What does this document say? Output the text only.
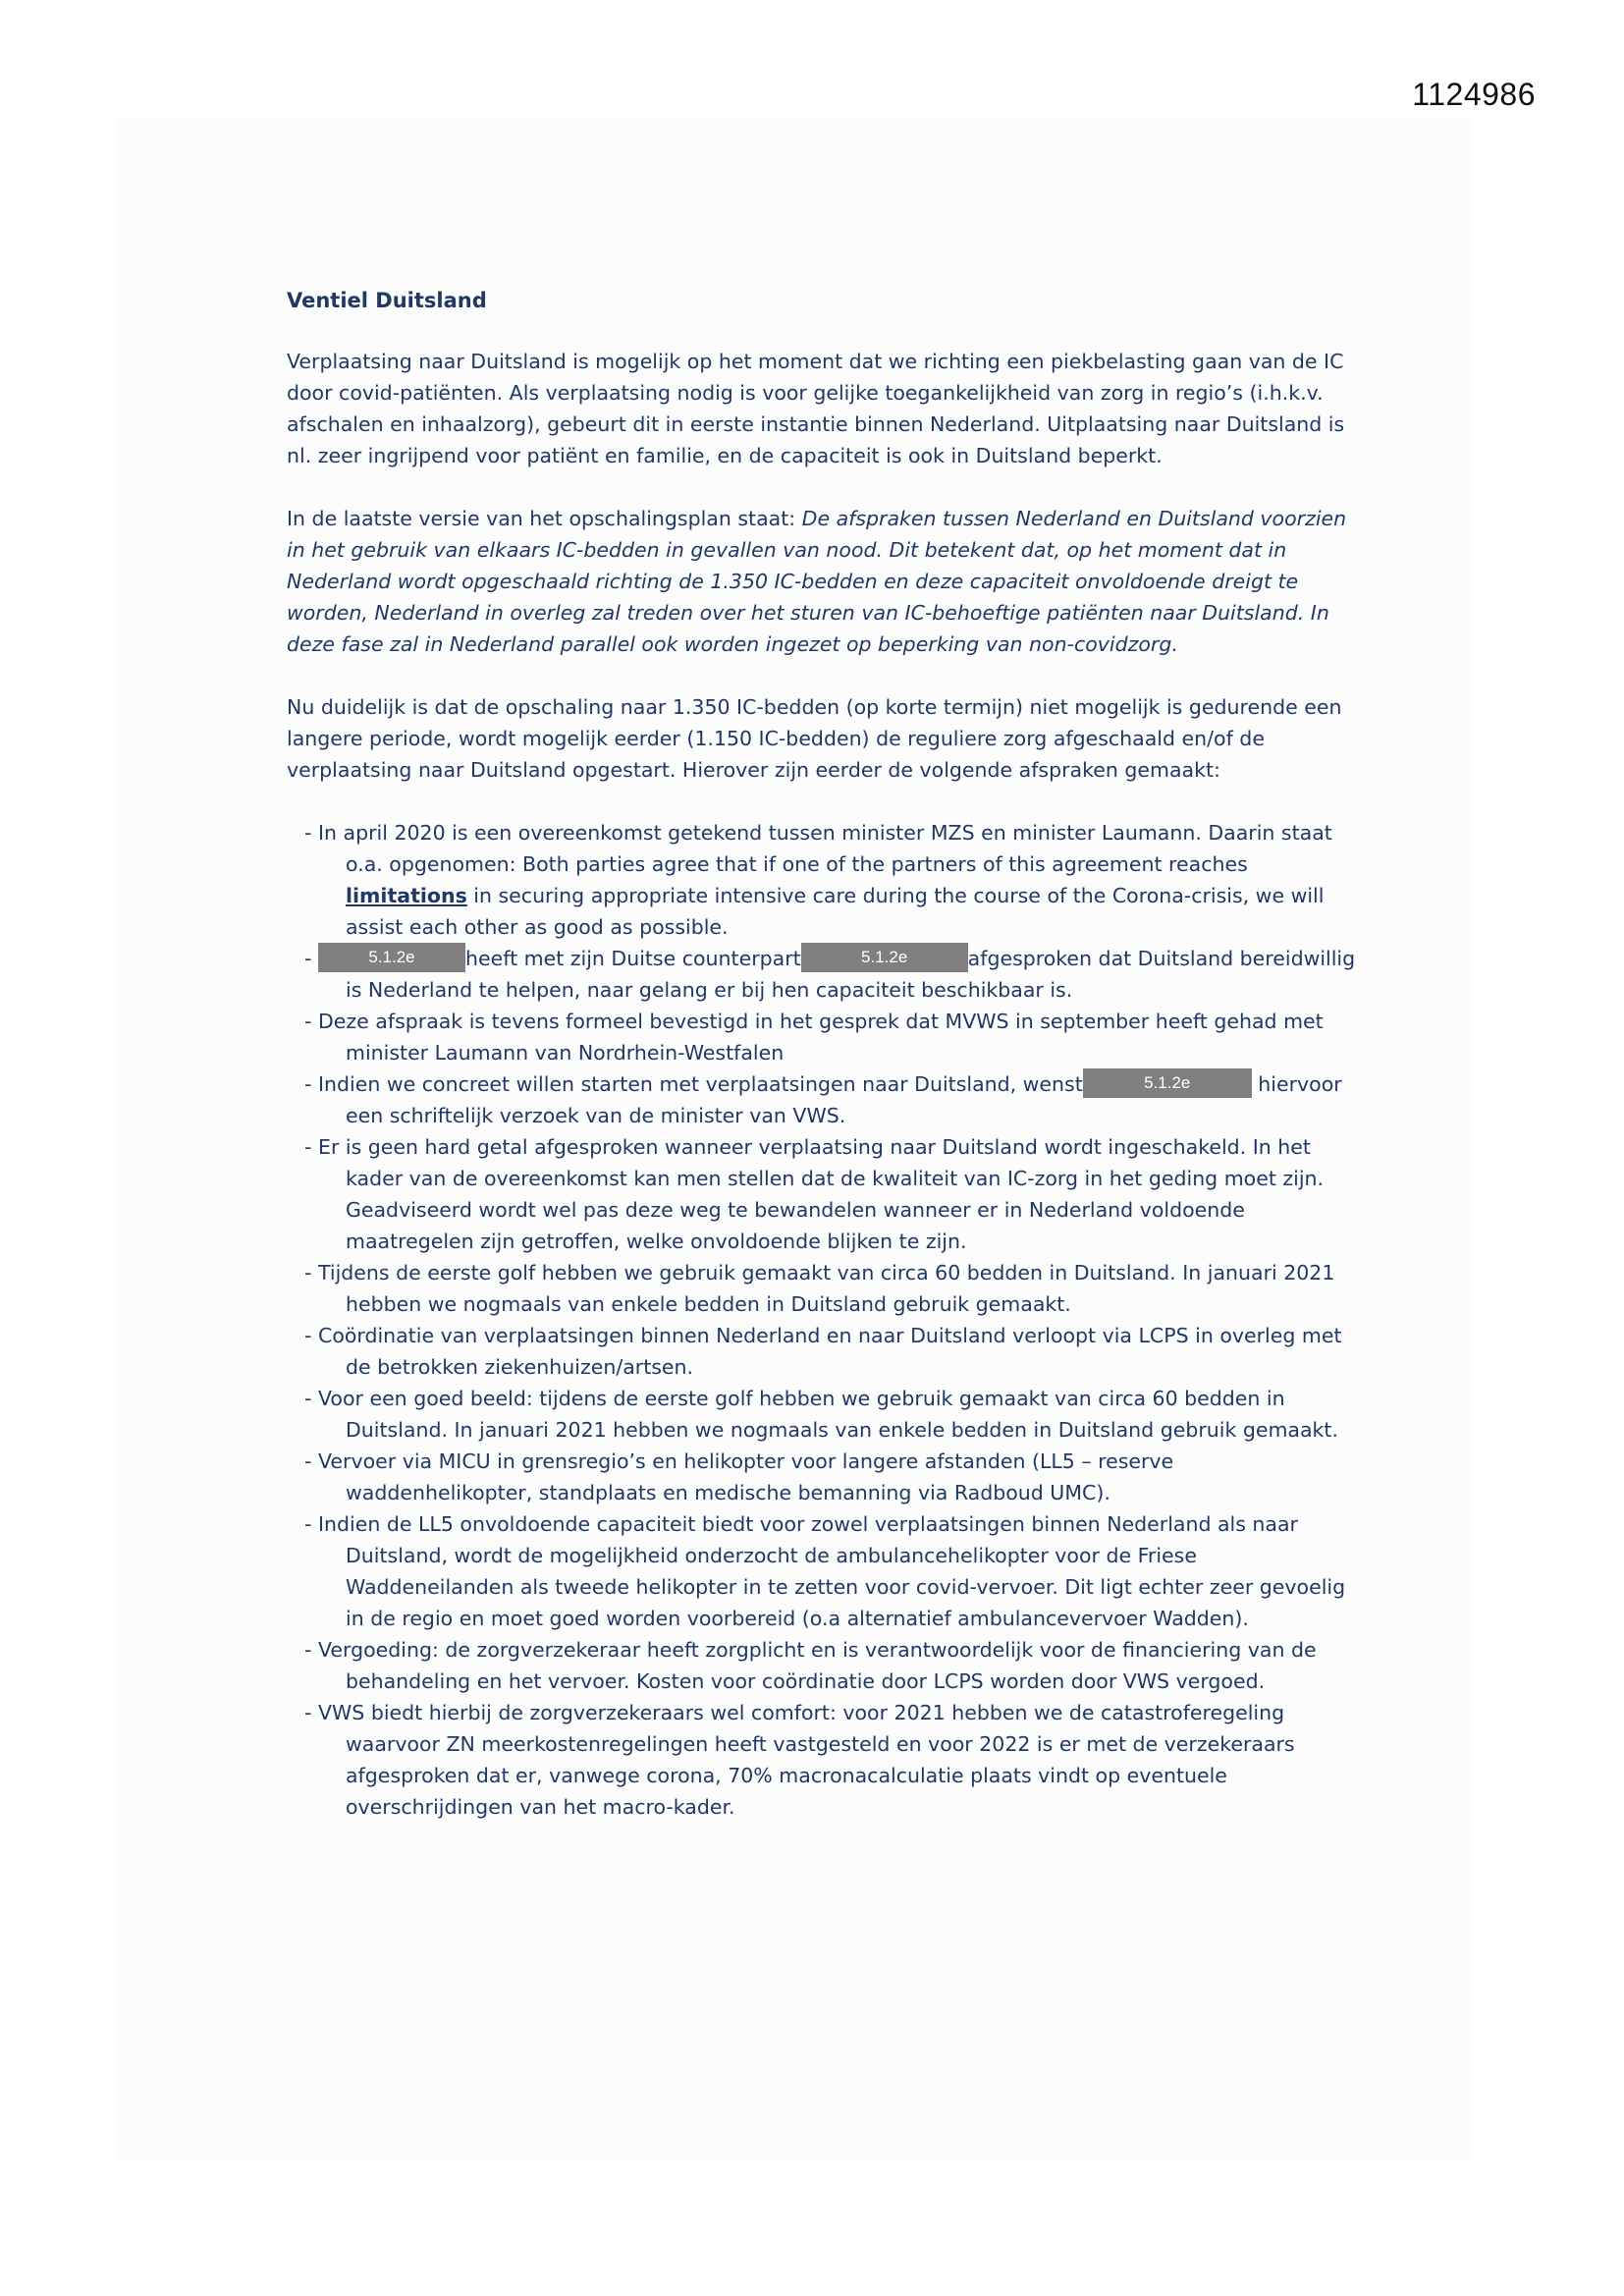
1124986
Ventiel Duitsland

Verplaatsing naar Duitsland is mogelijk op het moment dat we richting een piekbelasting gaan van de IC door covid-patiënten. Als verplaatsing nodig is voor gelijke toegankelijkheid van zorg in regio’s (i.h.k.v. afschalen en inhaalzorg), gebeurt dit in eerste instantie binnen Nederland. Uitplaatsing naar Duitsland is nl. zeer ingrijpend voor patiënt en familie, en de capaciteit is ook in Duitsland beperkt.

In de laatste versie van het opschalingsplan staat: De afspraken tussen Nederland en Duitsland voorzien in het gebruik van elkaars IC-bedden in gevallen van nood. Dit betekent dat, op het moment dat in Nederland wordt opgeschaald richting de 1.350 IC-bedden en deze capaciteit onvoldoende dreigt te worden, Nederland in overleg zal treden over het sturen van IC-behoeftige patiënten naar Duitsland. In deze fase zal in Nederland parallel ook worden ingezet op beperking van non-covidzorg.

Nu duidelijk is dat de opschaling naar 1.350 IC-bedden (op korte termijn) niet mogelijk is gedurende een langere periode, wordt mogelijk eerder (1.150 IC-bedden) de reguliere zorg afgeschaald en/of de verplaatsing naar Duitsland opgestart. Hierover zijn eerder de volgende afspraken gemaakt:

- In april 2020 is een overeenkomst getekend tussen minister MZS en minister Laumann. Daarin staat o.a. opgenomen: Both parties agree that if one of the partners of this agreement reaches limitations in securing appropriate intensive care during the course of the Corona-crisis, we will assist each other as good as possible.
-	5.1.2e	heeft met zijn Duitse counterpart	5.1.2e	afgesproken dat Duitsland bereidwillig is Nederland te helpen, naar gelang er bij hen capaciteit beschikbaar is.
- Deze afspraak is tevens formeel bevestigd in het gesprek dat MVWS in september heeft gehad met minister Laumann van Nordrhein-Westfalen
- Indien we concreet willen starten met verplaatsingen naar Duitsland, wenst	5.1.2e	hiervoor een schriftelijk verzoek van de minister van VWS.
- Er is geen hard getal afgesproken wanneer verplaatsing naar Duitsland wordt ingeschakeld. In het kader van de overeenkomst kan men stellen dat de kwaliteit van IC-zorg in het geding moet zijn. Geadviseerd wordt wel pas deze weg te bewandelen wanneer er in Nederland voldoende maatregelen zijn getroffen, welke onvoldoende blijken te zijn.
- Tijdens de eerste golf hebben we gebruik gemaakt van circa 60 bedden in Duitsland. In januari 2021 hebben we nogmaals van enkele bedden in Duitsland gebruik gemaakt.
- Coördinatie van verplaatsingen binnen Nederland en naar Duitsland verloopt via LCPS in overleg met de betrokken ziekenhuizen/artsen.
- Voor een goed beeld: tijdens de eerste golf hebben we gebruik gemaakt van circa 60 bedden in Duitsland. In januari 2021 hebben we nogmaals van enkele bedden in Duitsland gebruik gemaakt.
- Vervoer via MICU in grensregio’s en helikopter voor langere afstanden (LL5 – reserve waddenhelikopter, standplaats en medische bemanning via Radboud UMC).
- Indien de LL5 onvoldoende capaciteit biedt voor zowel verplaatsingen binnen Nederland als naar Duitsland, wordt de mogelijkheid onderzocht de ambulancehelikopter voor de Friese Waddeneilanden als tweede helikopter in te zetten voor covid-vervoer. Dit ligt echter zeer gevoelig in de regio en moet goed worden voorbereid (o.a alternatief ambulancevervoer Wadden).
- Vergoeding: de zorgverzekeraar heeft zorgplicht en is verantwoordelijk voor de financiering van de behandeling en het vervoer. Kosten voor coördinatie door LCPS worden door VWS vergoed.
- VWS biedt hierbij de zorgverzekeraars wel comfort: voor 2021 hebben we de catastroferegeling waarvoor ZN meerkostenregelingen heeft vastgesteld en voor 2022 is er met de verzekeraars afgesproken dat er, vanwege corona, 70% macronacalculatie plaats vindt op eventuele overschrijdingen van het macro-kader.
